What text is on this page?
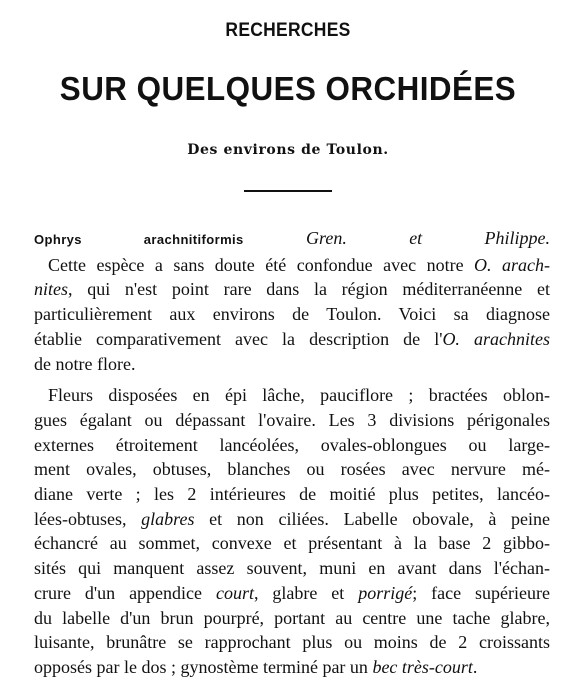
RECHERCHES
SUR QUELQUES ORCHIDÉES
Des environs de Toulon.
Ophrys arachnitiformis	Gren. et Philippe.
Cette espèce a sans doute été confondue avec notre O. arach-
nites, qui n'est point rare dans la région méditerranéenne et
particulièrement aux environs de Toulon. Voici sa diagnose
établie comparativement avec la description de l'O. arachnites
de notre flore.
Fleurs disposées en épi lâche, pauciflore ; bractées oblon-
gues égalant ou dépassant l'ovaire. Les 3 divisions périgonales
externes étroitement lancéolées, ovales-oblongues ou large-
ment ovales, obtuses, blanches ou rosées avec nervure mé-
diane verte ; les 2 intérieures de moitié plus petites, lancéo-
lées-obtuses, glabres et non ciliées. Labelle obovale, à peine
échancré au sommet, convexe et présentant à la base 2 gibbo-
sités qui manquent assez souvent, muni en avant dans l'échan-
crure d'un appendice court, glabre et porrigé; face supérieure
du labelle d'un brun pourpré, portant au centre une tache glabre,
luisante, brunâtre se rapprochant plus ou moins de 2 croissants
opposés par le dos ; gynostème terminé par un bec très-court.
